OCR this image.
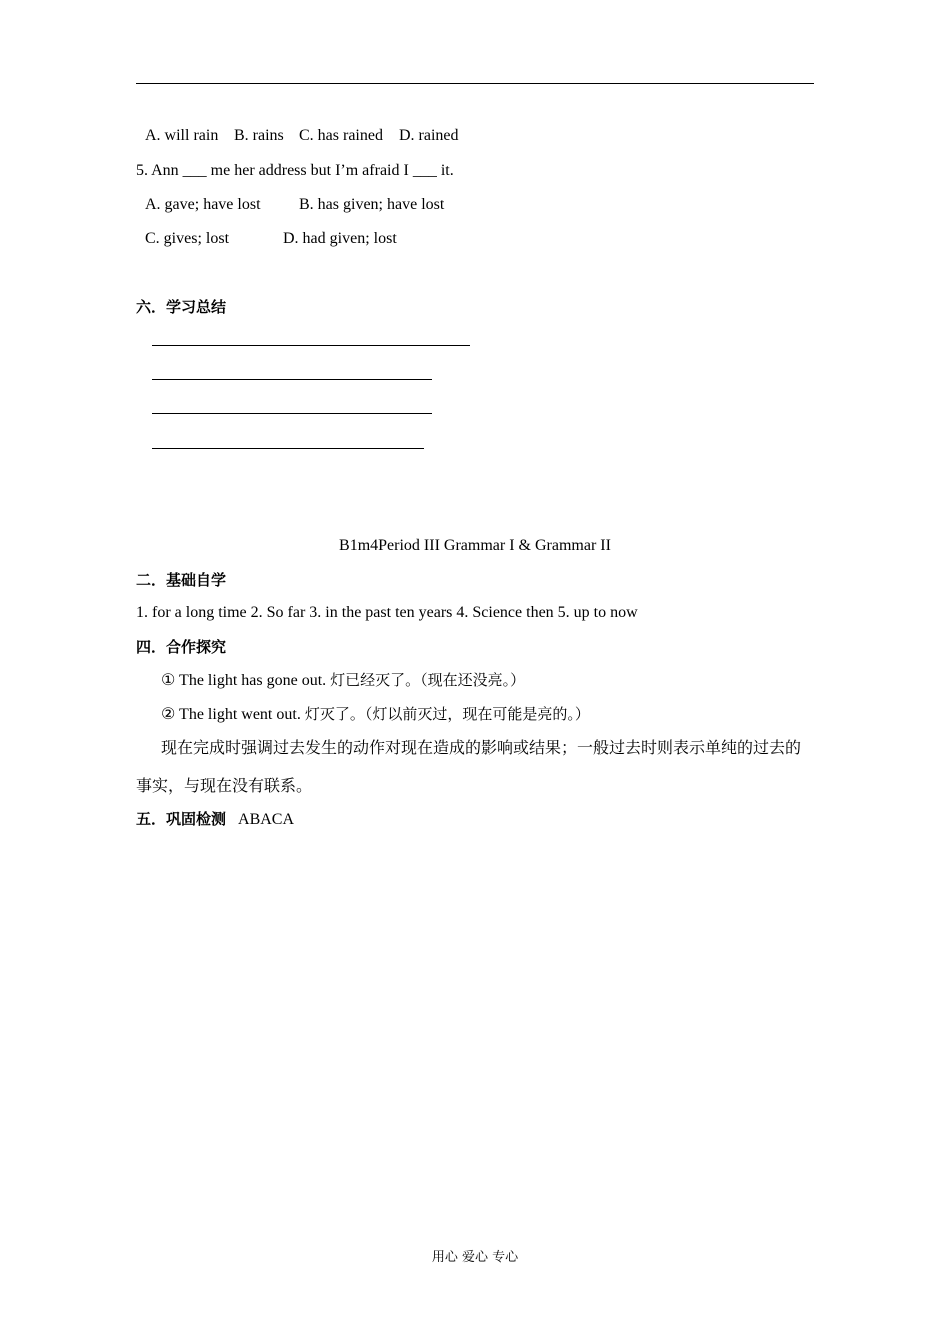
A. will rain B. rains C. has rained D. rained
5. Ann ___ me her address but I’m afraid I ___ it.
A. gave; have lost B. has given; have lost
C. gives; lost	D. had given; lost
六．学习总结
B1m4Period III Grammar I & Grammar II
二．基础自学
1. for a long time 2. So far 3. in the past ten years 4. Science then 5. up to now
四．合作探究
① The light has gone out. 灯已经灭了。（现在还没亮。）
② The light went out. 灯灭了。（灯以前灭过，现在可能是亮的。）
现在完成时强调过去发生的动作对现在造成的影响或结果；一般过去时则表示单纯的过去的事实，与现在没有联系。
五．巩固检测 ABACA
用心 爱心 专心
